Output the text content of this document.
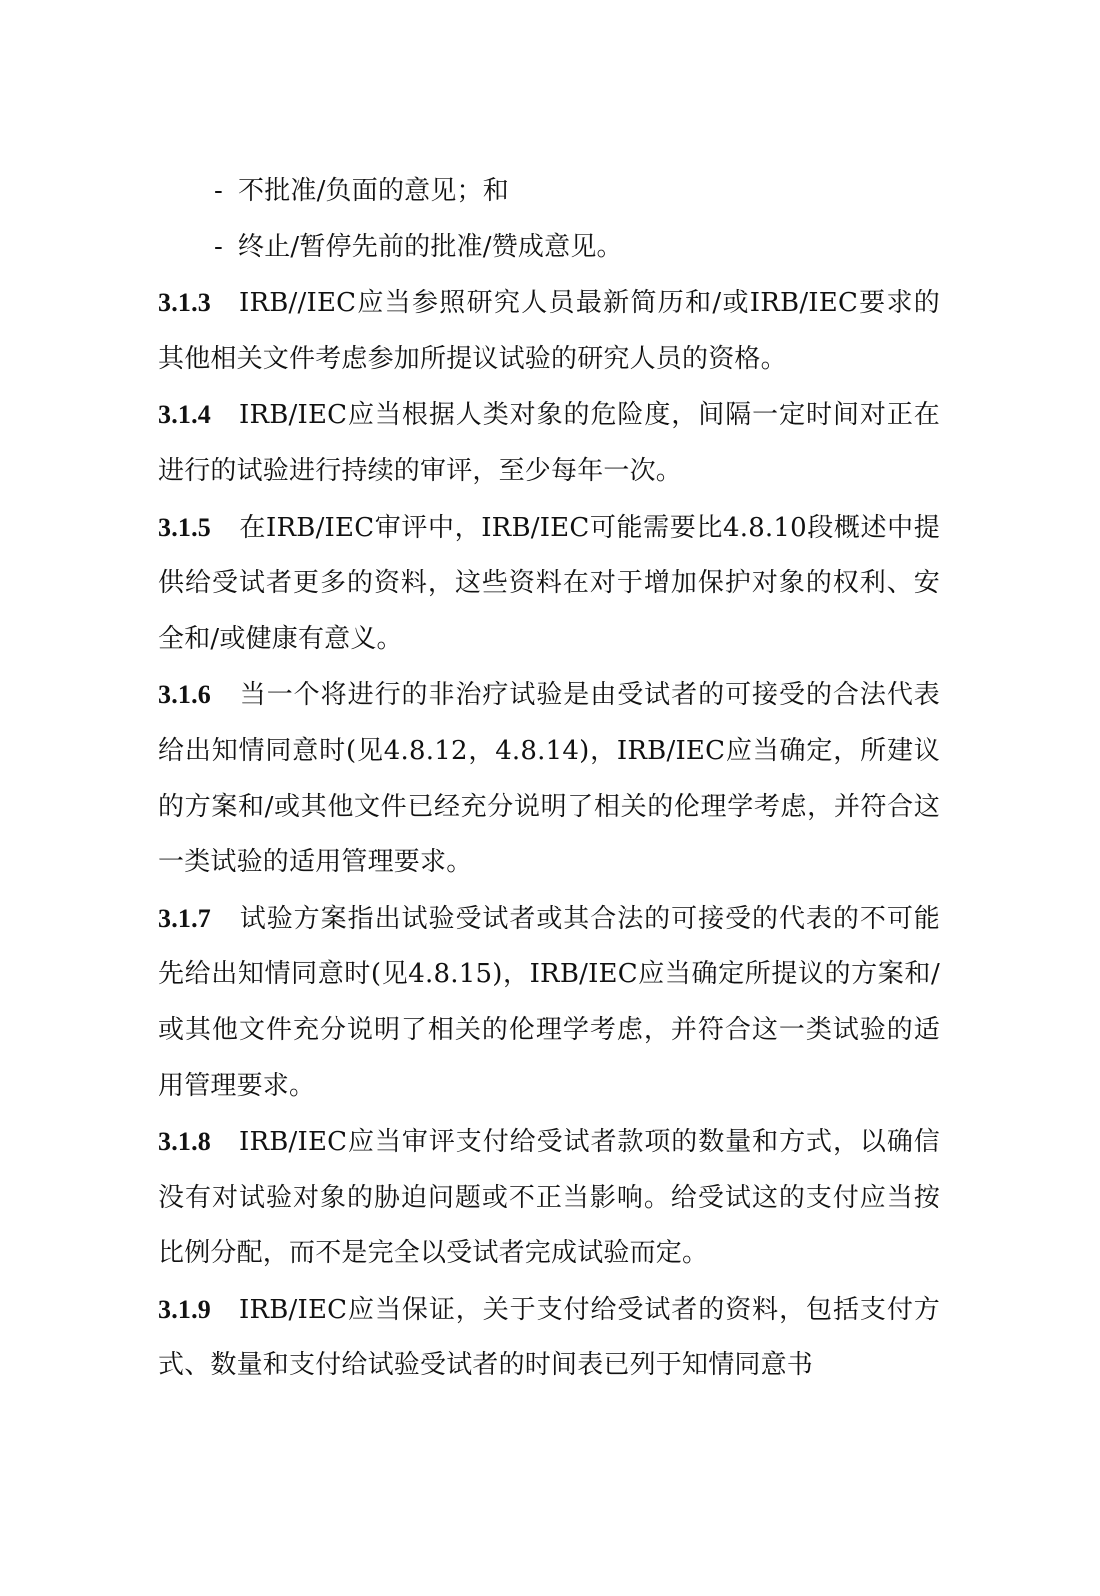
- 不批准/负面的意见；和
- 终止/暂停先前的批准/赞成意见。
3.1.3 IRB//IEC应当参照研究人员最新简历和/或IRB/IEC要求的其他相关文件考虑参加所提议试验的研究人员的资格。
3.1.4 IRB/IEC应当根据人类对象的危险度，间隔一定时间对正在进行的试验进行持续的审评，至少每年一次。
3.1.5 在IRB/IEC审评中，IRB/IEC可能需要比4.8.10段概述中提供给受试者更多的资料，这些资料在对于增加保护对象的权利、安全和/或健康有意义。
3.1.6 当一个将进行的非治疗试验是由受试者的可接受的合法代表给出知情同意时(见4.8.12，4.8.14)，IRB/IEC应当确定，所建议的方案和/或其他文件已经充分说明了相关的伦理学考虑，并符合这一类试验的适用管理要求。
3.1.7 试验方案指出试验受试者或其合法的可接受的代表的不可能先给出知情同意时(见4.8.15)，IRB/IEC应当确定所提议的方案和/或其他文件充分说明了相关的伦理学考虑，并符合这一类试验的适用管理要求。
3.1.8 IRB/IEC应当审评支付给受试者款项的数量和方式，以确信没有对试验对象的胁迫问题或不正当影响。给受试这的支付应当按比例分配，而不是完全以受试者完成试验而定。
3.1.9 IRB/IEC应当保证，关于支付给受试者的资料，包括支付方式、数量和支付给试验受试者的时间表已列于知情同意书
